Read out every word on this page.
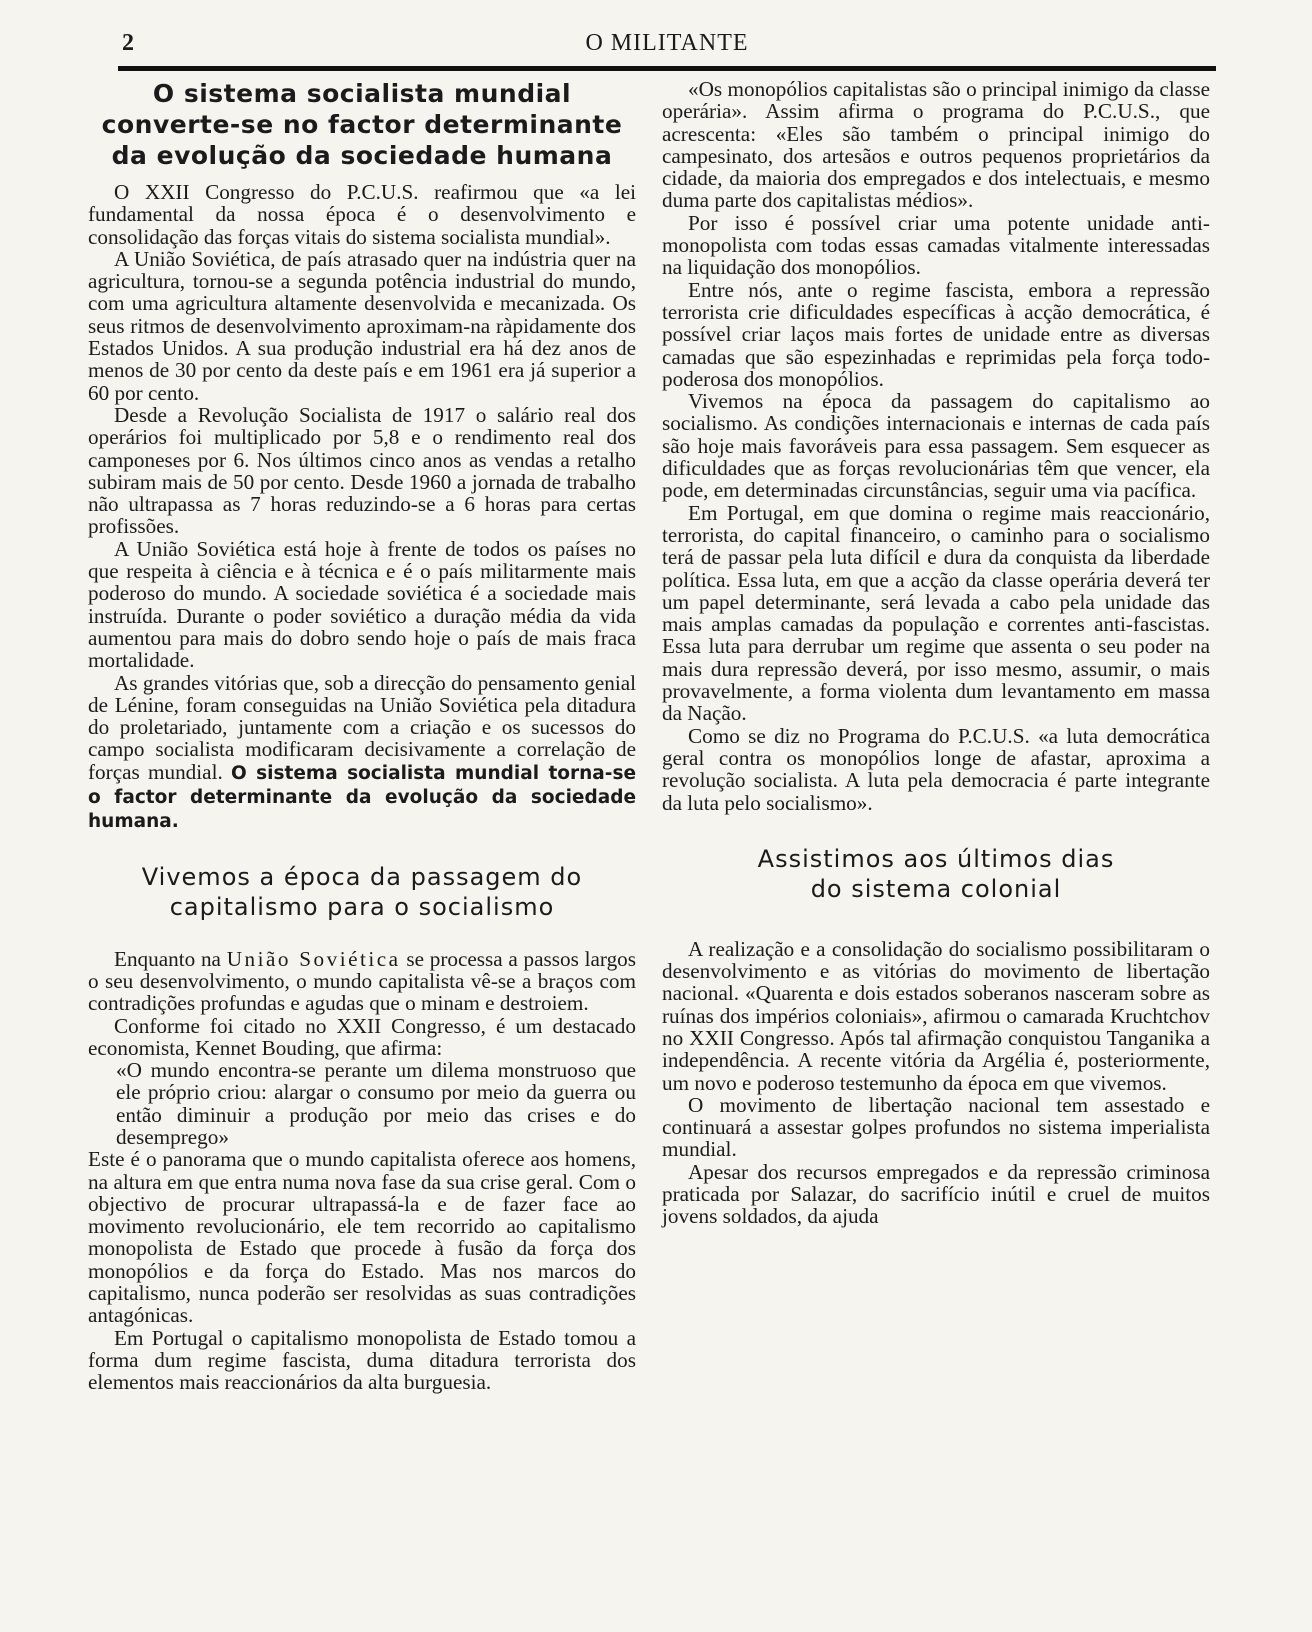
2	O MILITANTE
O sistema socialista mundial converte-se no factor determinante da evolução da sociedade humana

O XXII Congresso do P.C.U.S. reafirmou que «a lei fundamental da nossa época é o desenvolvimento e consolidação das forças vitais do sistema socialista mundial».

A União Soviética, de país atrasado quer na indústria quer na agricultura, tornou-se a segunda potência industrial do mundo, com uma agricultura altamente desenvolvida e mecanizada. Os seus ritmos de desenvolvimento aproximam-na ràpidamente dos Estados Unidos. A sua produção industrial era há dez anos de menos de 30 por cento da deste país e em 1961 era já superior a 60 por cento.

Desde a Revolução Socialista de 1917 o salário real dos operários foi multiplicado por 5,8 e o rendimento real dos camponeses por 6. Nos últimos cinco anos as vendas a retalho subiram mais de 50 por cento. Desde 1960 a jornada de trabalho não ultrapassa as 7 horas reduzindo-se a 6 horas para certas profissões.

A União Soviética está hoje à frente de todos os países no que respeita à ciência e à técnica e é o país militarmente mais poderoso do mundo. A sociedade soviética é a sociedade mais instruída. Durante o poder soviético a duração média da vida aumentou para mais do dobro sendo hoje o país de mais fraca mortalidade.

As grandes vitórias que, sob a direcção do pensamento genial de Lénine, foram conseguidas na União Soviética pela ditadura do proletariado, juntamente com a criação e os sucessos do campo socialista modificaram decisivamente a correlação de forças mundial. O sistema socialista mundial torna-se o factor determinante da evolução da sociedade humana.

Vivemos a época da passagem do capitalismo para o socialismo

Enquanto na União Soviética se processa a passos largos o seu desenvolvimento, o mundo capitalista vê-se a braços com contradições profundas e agudas que o minam e destroiem.

Conforme foi citado no XXII Congresso, é um destacado economista, Kennet Bouding, que afirma:

«O mundo encontra-se perante um dilema monstruoso que ele próprio criou: alargar o consumo por meio da guerra ou então diminuir a produção por meio das crises e do desemprego»

Este é o panorama que o mundo capitalista oferece aos homens, na altura em que entra numa nova fase da sua crise geral. Com o objectivo de procurar ultrapassá-la e de fazer face ao movimento revolucionário, ele tem recorrido ao capitalismo monopolista de Estado que procede à fusão da força dos monopólios e da força do Estado. Mas nos marcos do capitalismo, nunca poderão ser resolvidas as suas contradições antagónicas.

Em Portugal o capitalismo monopolista de Estado tomou a forma dum regime fascista, duma ditadura terrorista dos elementos mais reaccionários da alta burguesia.

«Os monopólios capitalistas são o principal inimigo da classe operária». Assim afirma o programa do P.C.U.S., que acrescenta: «Eles são também o principal inimigo do campesinato, dos artesãos e outros pequenos proprietários da cidade, da maioria dos empregados e dos intelectuais, e mesmo duma parte dos capitalistas médios».

Por isso é possível criar uma potente unidade anti-monopolista com todas essas camadas vitalmente interessadas na liquidação dos monopólios.

Entre nós, ante o regime fascista, embora a repressão terrorista crie dificuldades específicas à acção democrática, é possível criar laços mais fortes de unidade entre as diversas camadas que são espezinhadas e reprimidas pela força todo-poderosa dos monopólios.

Vivemos na época da passagem do capitalismo ao socialismo. As condições internacionais e internas de cada país são hoje mais favoráveis para essa passagem. Sem esquecer as dificuldades que as forças revolucionárias têm que vencer, ela pode, em determinadas circunstâncias, seguir uma via pacífica.

Em Portugal, em que domina o regime mais reaccionário, terrorista, do capital financeiro, o caminho para o socialismo terá de passar pela luta difícil e dura da conquista da liberdade política. Essa luta, em que a acção da classe operária deverá ter um papel determinante, será levada a cabo pela unidade das mais amplas camadas da população e correntes anti-fascistas. Essa luta para derrubar um regime que assenta o seu poder na mais dura repressão deverá, por isso mesmo, assumir, o mais provavelmente, a forma violenta dum levantamento em massa da Nação.

Como se diz no Programa do P.C.U.S. «a luta democrática geral contra os monopólios longe de afastar, aproxima a revolução socialista. A luta pela democracia é parte integrante da luta pelo socialismo».

Assistimos aos últimos dias
do sistema colonial

A realização e a consolidação do socialismo possibilitaram o desenvolvimento e as vitórias do movimento de libertação nacional. «Quarenta e dois estados soberanos nasceram sobre as ruínas dos impérios coloniais», afirmou o camarada Kruchtchov no XXII Congresso. Após tal afirmação conquistou Tanganika a independência. A recente vitória da Argélia é, posteriormente, um novo e poderoso testemunho da época em que vivemos.

O movimento de libertação nacional tem assestado e continuará a assestar golpes profundos no sistema imperialista mundial.

Apesar dos recursos empregados e da repressão criminosa praticada por Salazar, do sacrifício inútil e cruel de muitos jovens soldados, da ajuda
